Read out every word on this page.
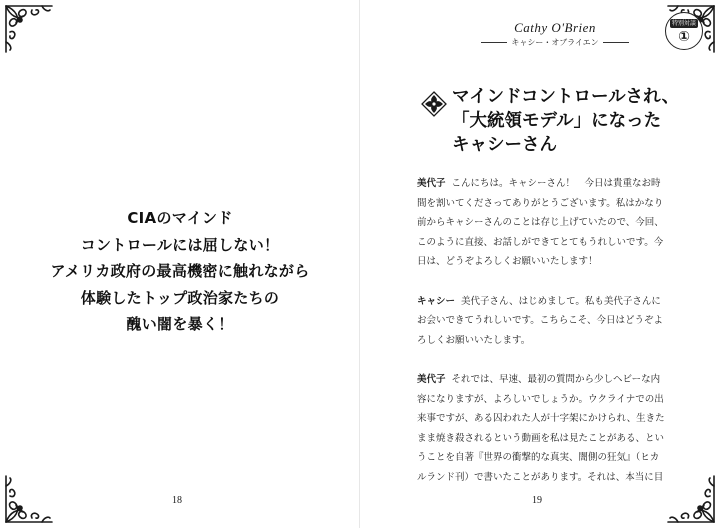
CIAのマインド
コントロールには屈しない！
アメリカ政府の最高機密に触れながら
体験したトップ政治家たちの
醜い闇を暴く！
18
Cathy O'Brien
キャシー・オブライエン
特別対談
①
マインドコントロールされ、
「大統領モデル」になった
キャシーさん
美代子 こんにちは。キャシーさん！　今日は貴重なお時
間を割いてくださってありがとうございます。私はかなり
前からキャシーさんのことは存じ上げていたので、今回、
このように直接、お話しができてとてもうれしいです。今
日は、どうぞよろしくお願いいたします！
キャシー 美代子さん、はじめまして。私も美代子さんに
お会いできてうれしいです。こちらこそ、今日はどうぞよ
ろしくお願いいたします。
美代子 それでは、早速、最初の質問から少しヘビーな内
容になりますが、よろしいでしょうか。ウクライナでの出
来事ですが、ある囚われた人が十字架にかけられ、生きた
まま焼き殺されるという動画を私は見たことがある、とい
うことを自著『世界の衝撃的な真実、闇側の狂気』（ヒカ
ルランド刊）で書いたことがあります。それは、本当に目
19
